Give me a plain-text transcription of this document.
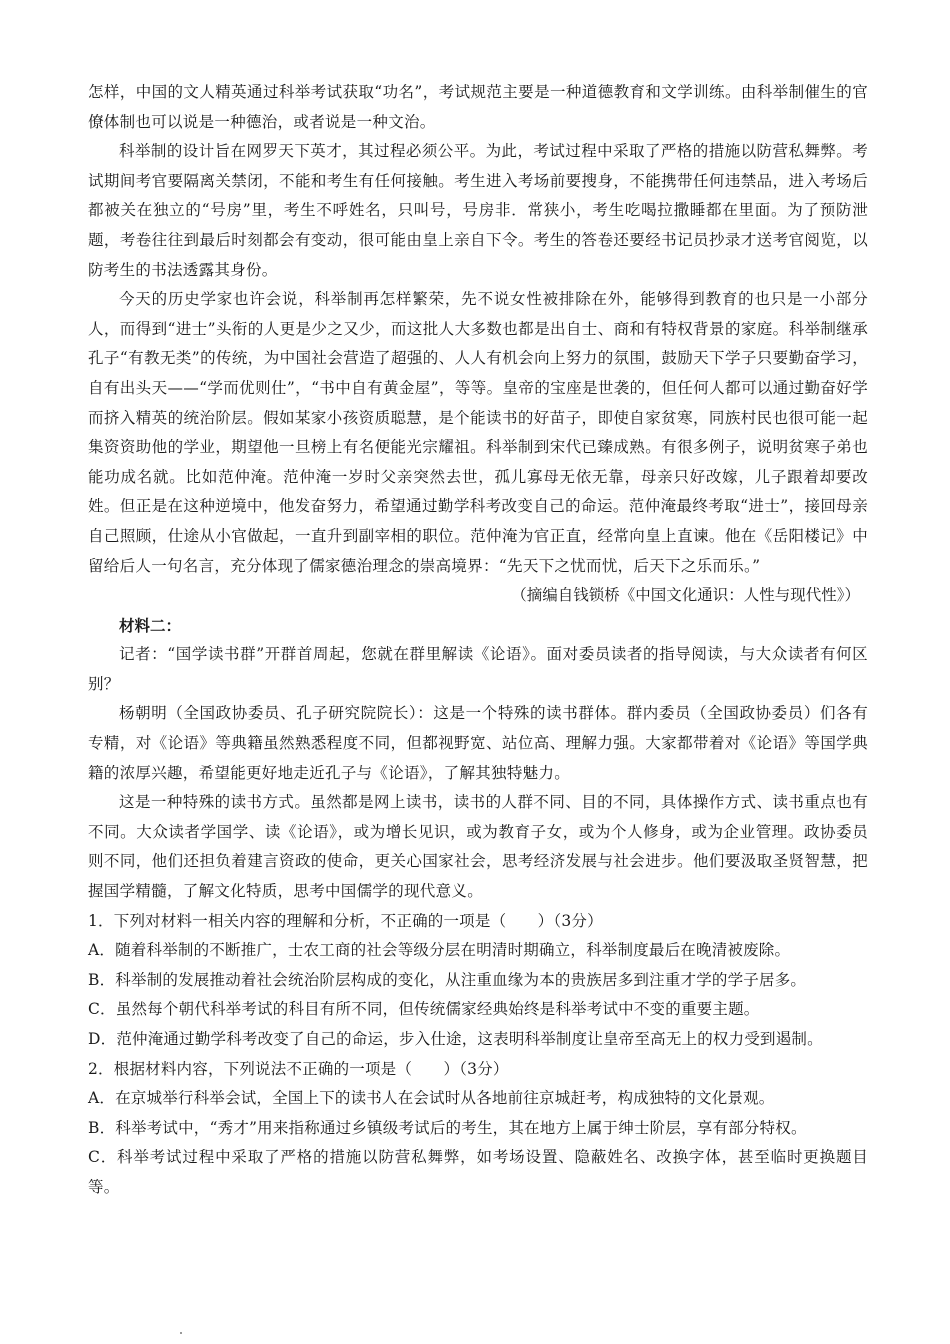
怎样，中国的文人精英通过科举考试获取“功名”，考试规范主要是一种道德教育和文学训练。由科举制催生的官僚体制也可以说是一种德治，或者说是一种文治。

科举制的设计旨在网罗天下英才，其过程必须公平。为此，考试过程中采取了严格的措施以防营私舞弊。考试期间考官要隔离关禁闭，不能和考生有任何接触。考生进入考场前要搜身，不能携带任何违禁品，进入考场后都被关在独立的“号房”里，考生不呼姓名，只叫号，号房非．常狭小，考生吃喝拉撒睡都在里面。为了预防泄题，考卷往往到最后时刻都会有变动，很可能由皇上亲自下令。考生的答卷还要经书记员抄录才送考官阅览，以防考生的书法透露其身份。

今天的历史学家也许会说，科举制再怎样繁荣，先不说女性被排除在外，能够得到教育的也只是一小部分人，而得到“进士”头衔的人更是少之又少，而这批人大多数也都是出自士、商和有特权背景的家庭。科举制继承孔子“有教无类”的传统，为中国社会营造了超强的、人人有机会向上努力的氛围，鼓励天下学子只要勤奋学习，自有出头天——“学而优则仕”，“书中自有黄金屋”，等等。皇帝的宝座是世袭的，但任何人都可以通过勤奋好学而挤入精英的统治阶层。假如某家小孩资质聪慧，是个能读书的好苗子，即使自家贫寒，同族村民也很可能一起集资资助他的学业，期望他一旦榜上有名便能光宗耀祖。科举制到宋代已臻成熟。有很多例子，说明贫寒子弟也能功成名就。比如范仲淹。范仲淹一岁时父亲突然去世，孤儿寡母无依无靠，母亲只好改嫁，儿子跟着却要改姓。但正是在这种逆境中，他发奋努力，希望通过勤学科考改变自己的命运。范仲淹最终考取“进士”，接回母亲自己照顾，仕途从小官做起，一直升到副宰相的职位。范仲淹为官正直，经常向皇上直谏。他在《岳阳楼记》中留给后人一句名言，充分体现了儒家德治理念的崇高境界：“先天下之忧而忧，后天下之乐而乐。”

（摘编自钱锁桥《中国文化通识：人性与现代性》）

材料二：

记者：“国学读书群”开群首周起，您就在群里解读《论语》。面对委员读者的指导阅读，与大众读者有何区别？

杨朝明（全国政协委员、孔子研究院院长）：这是一个特殊的读书群体。群内委员（全国政协委员）们各有专精，对《论语》等典籍虽然熟悉程度不同，但都视野宽、站位高、理解力强。大家都带着对《论语》等国学典籍的浓厚兴趣，希望能更好地走近孔子与《论语》，了解其独特魅力。

这是一种特殊的读书方式。虽然都是网上读书，读书的人群不同、目的不同，具体操作方式、读书重点也有不同。大众读者学国学、读《论语》，或为增长见识，或为教育子女，或为个人修身，或为企业管理。政协委员则不同，他们还担负着建言资政的使命，更关心国家社会，思考经济发展与社会进步。他们要汲取圣贤智慧，把握国学精髓，了解文化特质，思考中国儒学的现代意义。

1．下列对材料一相关内容的理解和分析，不正确的一项是（　　）（3分）

A．随着科举制的不断推广，士农工商的社会等级分层在明清时期确立，科举制度最后在晚清被废除。

B．科举制的发展推动着社会统治阶层构成的变化，从注重血缘为本的贵族居多到注重才学的学子居多。

C．虽然每个朝代科举考试的科目有所不同，但传统儒家经典始终是科举考试中不变的重要主题。

D．范仲淹通过勤学科考改变了自己的命运，步入仕途，这表明科举制度让皇帝至高无上的权力受到遏制。

2．根据材料内容，下列说法不正确的一项是（　　）（3分）

A．在京城举行科举会试，全国上下的读书人在会试时从各地前往京城赶考，构成独特的文化景观。

B．科举考试中，“秀才”用来指称通过乡镇级考试后的考生，其在地方上属于绅士阶层，享有部分特权。

C．科举考试过程中采取了严格的措施以防营私舞弊，如考场设置、隐蔽姓名、改换字体，甚至临时更换题目等。
